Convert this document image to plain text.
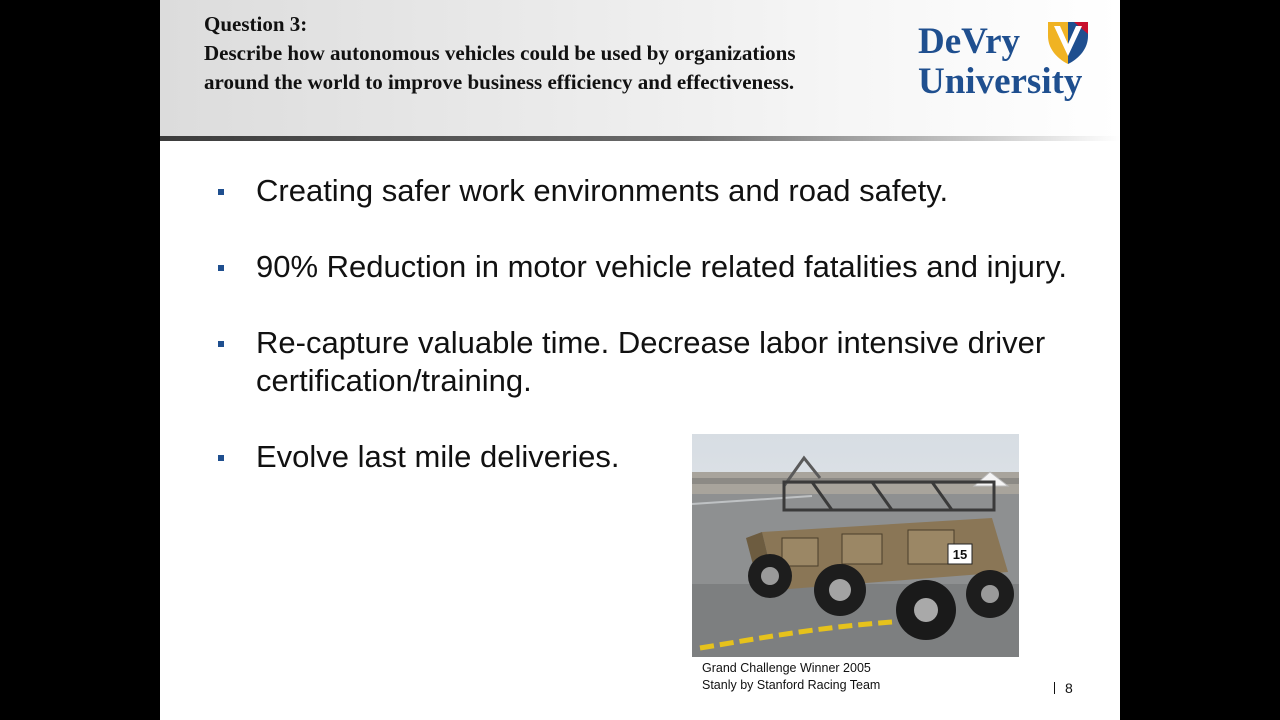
Question 3:
Describe how autonomous vehicles could be used by organizations around the world to improve business efficiency and effectiveness.
DeVry
University
Creating safer work environments and road safety.
90% Reduction in motor vehicle related fatalities and injury.
Re-capture valuable time. Decrease labor intensive driver certification/training.
Evolve last mile deliveries.
15
Grand Challenge Winner 2005
Stanly by Stanford Racing Team	8
